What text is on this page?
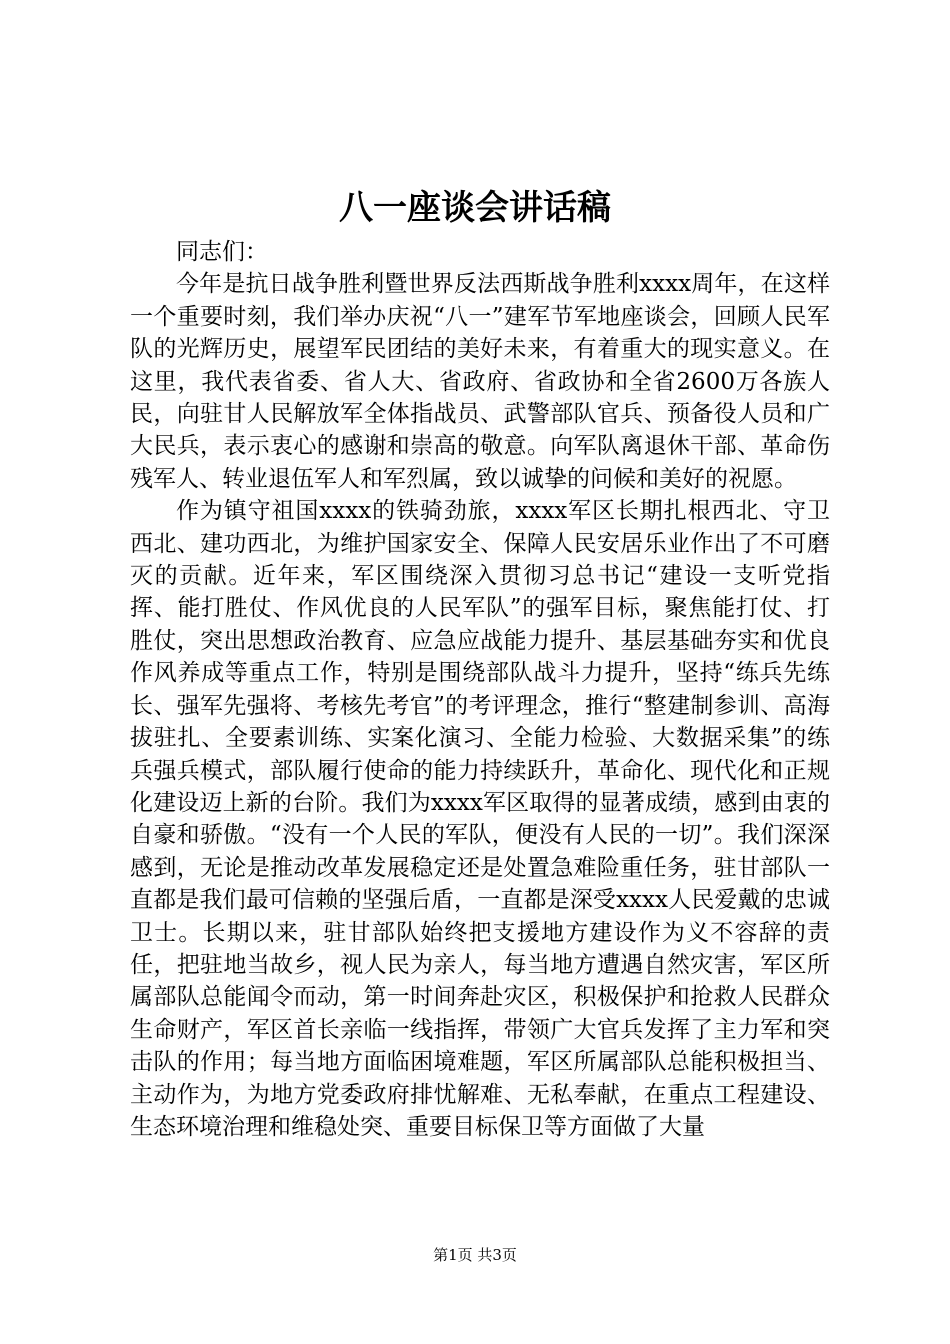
八一座谈会讲话稿

同志们：

今年是抗日战争胜利暨世界反法西斯战争胜利xxxx周年，在这样一个重要时刻，我们举办庆祝“八一”建军节军地座谈会，回顾人民军队的光辉历史，展望军民团结的美好未来，有着重大的现实意义。在这里，我代表省委、省人大、省政府、省政协和全省2600万各族人民，向驻甘人民解放军全体指战员、武警部队官兵、预备役人员和广大民兵，表示衷心的感谢和崇高的敬意。向军队离退休干部、革命伤残军人、转业退伍军人和军烈属，致以诚挚的问候和美好的祝愿。

作为镇守祖国xxxx的铁骑劲旅，xxxx军区长期扎根西北、守卫西北、建功西北，为维护国家安全、保障人民安居乐业作出了不可磨灭的贡献。近年来，军区围绕深入贯彻习总书记“建设一支听党指挥、能打胜仗、作风优良的人民军队”的强军目标，聚焦能打仗、打胜仗，突出思想政治教育、应急应战能力提升、基层基础夯实和优良作风养成等重点工作，特别是围绕部队战斗力提升，坚持“练兵先练长、强军先强将、考核先考官”的考评理念，推行“整建制参训、高海拔驻扎、全要素训练、实案化演习、全能力检验、大数据采集”的练兵强兵模式，部队履行使命的能力持续跃升，革命化、现代化和正规化建设迈上新的台阶。我们为xxxx军区取得的显著成绩，感到由衷的自豪和骄傲。“没有一个人民的军队，便没有人民的一切”。我们深深感到，无论是推动改革发展稳定还是处置急难险重任务，驻甘部队一直都是我们最可信赖的坚强后盾，一直都是深受xxxx人民爱戴的忠诚卫士。长期以来，驻甘部队始终把支援地方建设作为义不容辞的责任，把驻地当故乡，视人民为亲人，每当地方遭遇自然灾害，军区所属部队总能闻令而动，第一时间奔赴灾区，积极保护和抢救人民群众生命财产，军区首长亲临一线指挥，带领广大官兵发挥了主力军和突击队的作用；每当地方面临困境难题，军区所属部队总能积极担当、主动作为，为地方党委政府排忧解难、无私奉献，在重点工程建设、生态环境治理和维稳处突、重要目标保卫等方面做了大量

第1页 共3页
